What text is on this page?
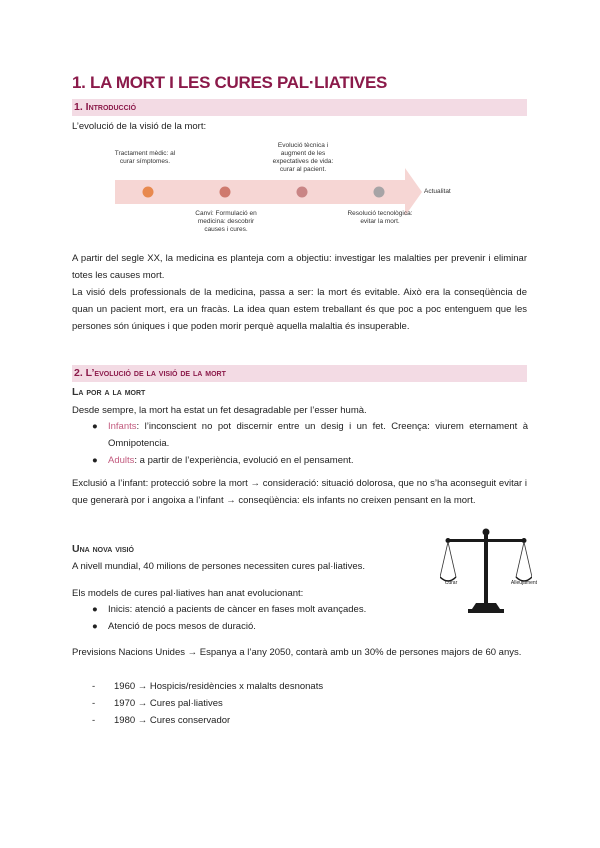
1. LA MORT I LES CURES PAL·LIATIVES
1. Introducció
L’evolució de la visió de la mort:
Tractament mèdic: al curar símptomes.
Evolució tècnica i augment de les expectatives de vida: curar al pacient.
Canvi: Formulació en medicina: descobrir causes i cures.
Resolució tecnològica: evitar la mort.
Actualitat
A partir del segle XX, la medicina es planteja com a objectiu: investigar les malalties per prevenir i eliminar totes les causes mort.
La visió dels professionals de la medicina, passa a ser: la mort és evitable. Això era la conseqüència de quan un pacient mort, era un fracàs. La idea quan estem treballant és que poc a poc entenguem que les persones són úniques i que poden morir perquè aquella malaltia és insuperable.
2. L’evolució de la visió de la mort
La por a la mort
Desde sempre, la mort ha estat un fet desagradable per l’esser humà.
● Infants: l’inconscient no pot discernir entre un desig i un fet. Creença: viurem eternament à Omnipotencia.
● Adults: a partir de l’experiència, evolució en el pensament.
Exclusió a l’infant: protecció sobre la mort → consideració: situació dolorosa, que no s’ha aconseguit evitar i que generarà por i angoixa a l’infant → conseqüència: els infants no creixen pensant en la mort.
Una nova visió
A nivell mundial, 40 milions de persones necessiten cures pal·liatives.
Els models de cures pal·liatives han anat evolucionant:
● Inicis: atenció a pacients de càncer en fases molt avançades.
● Atenció de pocs mesos de duració.
Curar	Alleujament
Previsions Nacions Unides → Espanya a l’any 2050, contarà amb un 30% de persones majors de 60 anys.
- 1960 → Hospicis/residències x malalts desnonats
- 1970 → Cures pal·liatives
- 1980 → Cures conservador
